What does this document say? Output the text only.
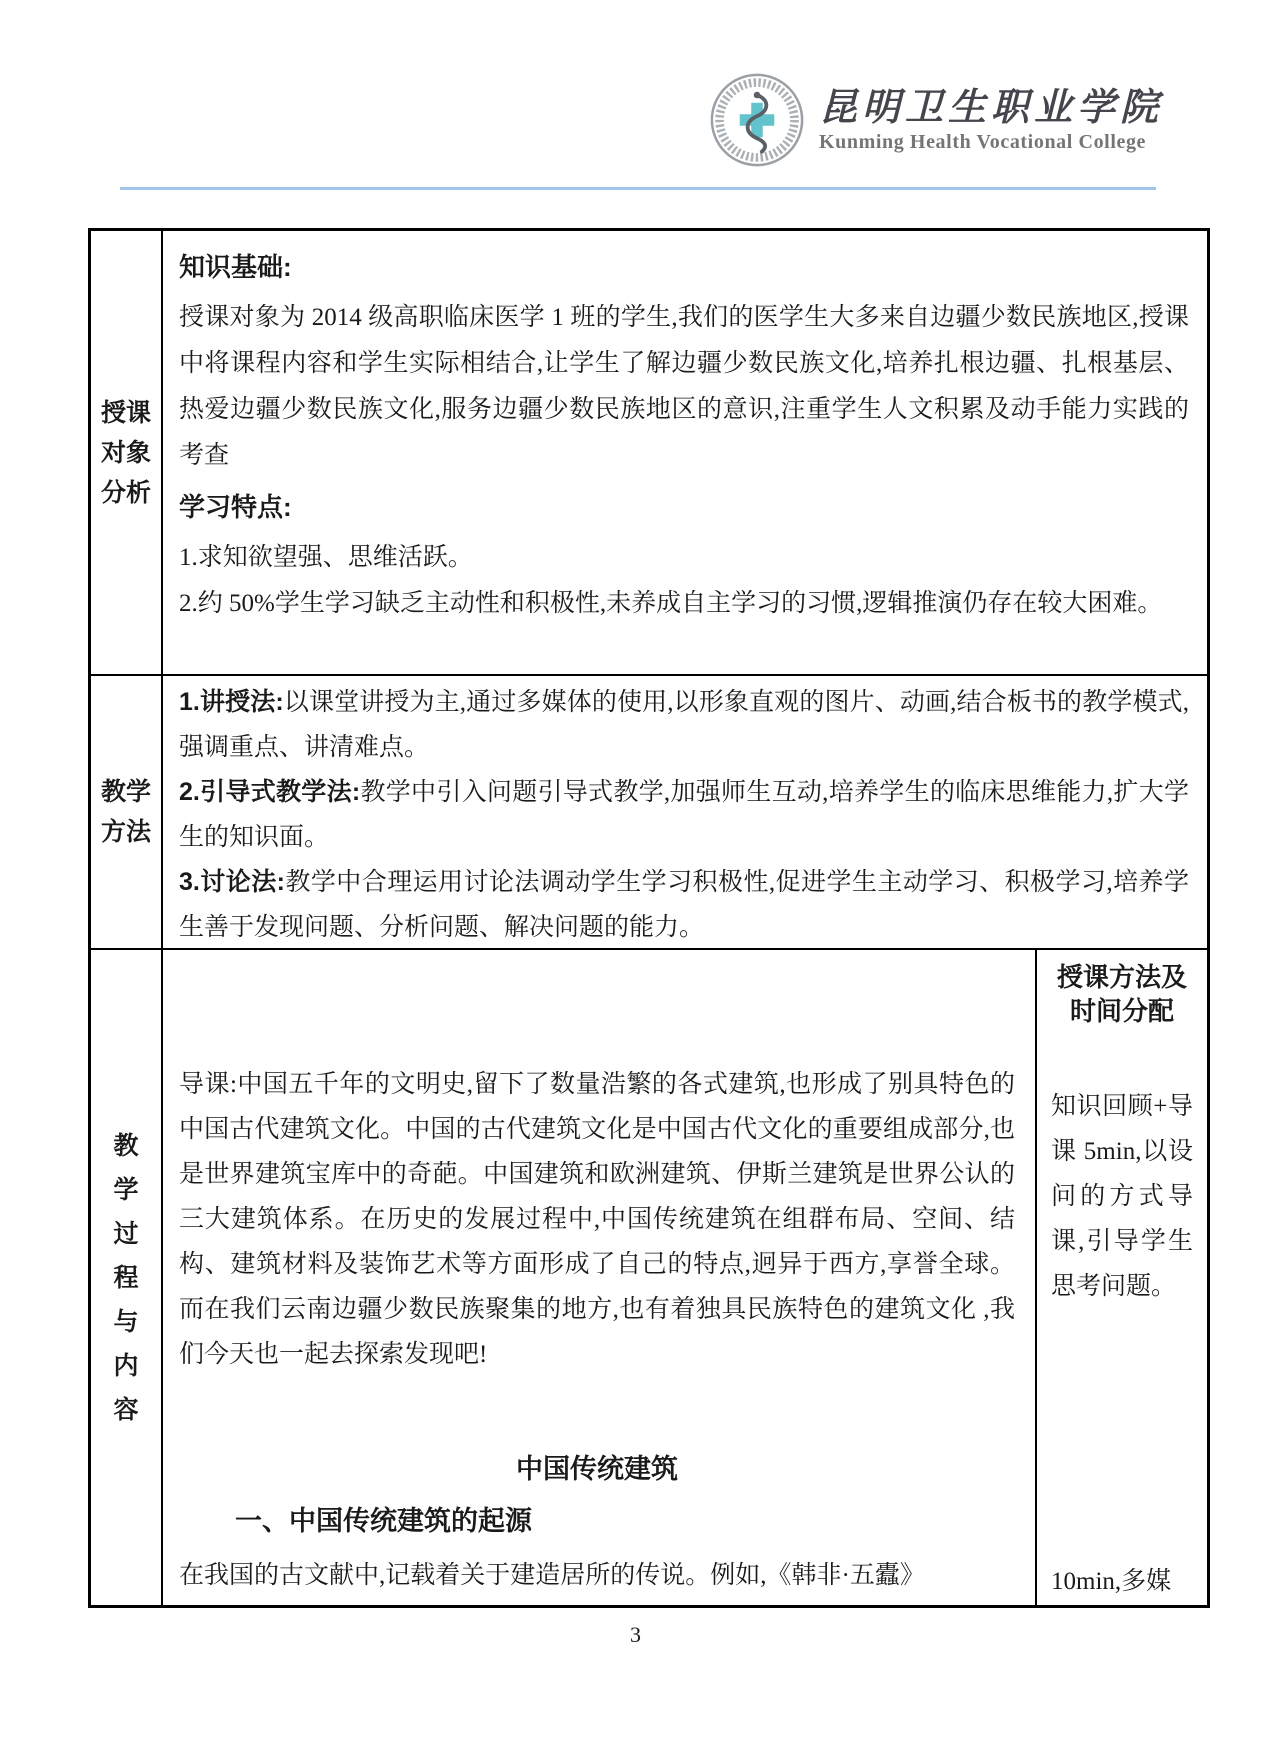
昆明卫生职业学院
Kunming Health Vocational College
授课
对象
分析
知识基础:

授课对象为 2014 级高职临床医学 1 班的学生,我们的医学生大多来自边疆少数民族地区,授课中将课程内容和学生实际相结合,让学生了解边疆少数民族文化,培养扎根边疆、扎根基层、热爱边疆少数民族文化,服务边疆少数民族地区的意识,注重学生人文积累及动手能力实践的考查

学习特点:

1.求知欲望强、思维活跃。

2.约 50%学生学习缺乏主动性和积极性,未养成自主学习的习惯,逻辑推演仍存在较大困难。

教学
方法

1.讲授法:以课堂讲授为主,通过多媒体的使用,以形象直观的图片、动画,结合板书的教学模式,强调重点、讲清难点。

2.引导式教学法:教学中引入问题引导式教学,加强师生互动,培养学生的临床思维能力,扩大学生的知识面。

3.讨论法:教学中合理运用讨论法调动学生学习积极性,促进学生主动学习、积极学习,培养学生善于发现问题、分析问题、解决问题的能力。

教
学
过
程
与
内
容

导课:中国五千年的文明史,留下了数量浩繁的各式建筑,也形成了别具特色的中国古代建筑文化。中国的古代建筑文化是中国古代文化的重要组成部分,也是世界建筑宝库中的奇葩。中国建筑和欧洲建筑、伊斯兰建筑是世界公认的三大建筑体系。在历史的发展过程中,中国传统建筑在组群布局、空间、结构、建筑材料及装饰艺术等方面形成了自己的特点,迥异于西方,享誉全球。而在我们云南边疆少数民族聚集的地方,也有着独具民族特色的建筑文化 ,我们今天也一起去探索发现吧!

中国传统建筑
一、中国传统建筑的起源

在我国的古文献中,记载着关于建造居所的传说。例如,《韩非·五蠹》

授课方法及
时间分配
知识回顾+导课 5min,以设问的方式导课,引导学生思考问题。
10min,多媒
3
